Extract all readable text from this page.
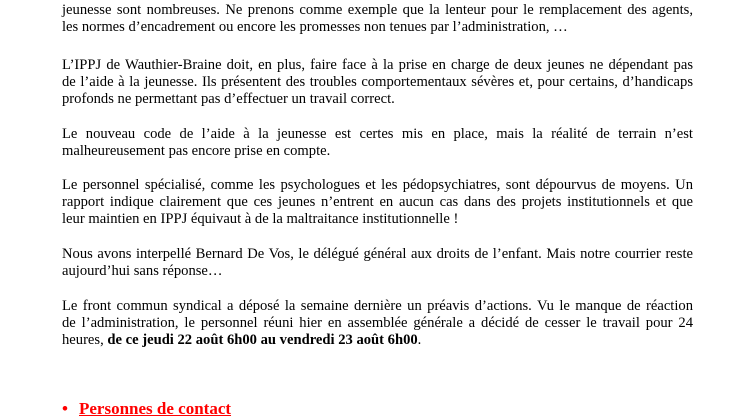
jeunesse sont nombreuses. Ne prenons comme exemple que la lenteur pour le remplacement des agents,

les normes d’encadrement ou encore les promesses non tenues par l’administration, …

L’IPPJ de Wauthier-Braine doit, en plus, faire face à la prise en charge de deux jeunes ne dépendant pas

de l’aide à la jeunesse. Ils présentent des troubles comportementaux sévères et, pour certains, d’handicaps

profonds ne permettant pas d’effectuer un travail correct.

Le nouveau code de l’aide à la jeunesse est certes mis en place, mais la réalité de terrain n’est

malheureusement pas encore prise en compte.

Le personnel spécialisé, comme les psychologues et les pédopsychiatres, sont dépourvus de moyens. Un

rapport indique clairement que ces jeunes n’entrent en aucun cas dans des projets institutionnels et que

leur maintien en IPPJ équivaut à de la maltraitance institutionnelle !

Nous avons interpellé Bernard De Vos, le délégué général aux droits de l’enfant. Mais notre courrier reste

aujourd’hui sans réponse…

Le front commun syndical a déposé la semaine dernière un préavis d’actions. Vu le manque de réaction

de l’administration, le personnel réuni hier en assemblée générale a décidé de cesser le travail pour 24

heures, de ce jeudi 22 août 6h00 au vendredi 23 août 6h00.

• Personnes de contact
